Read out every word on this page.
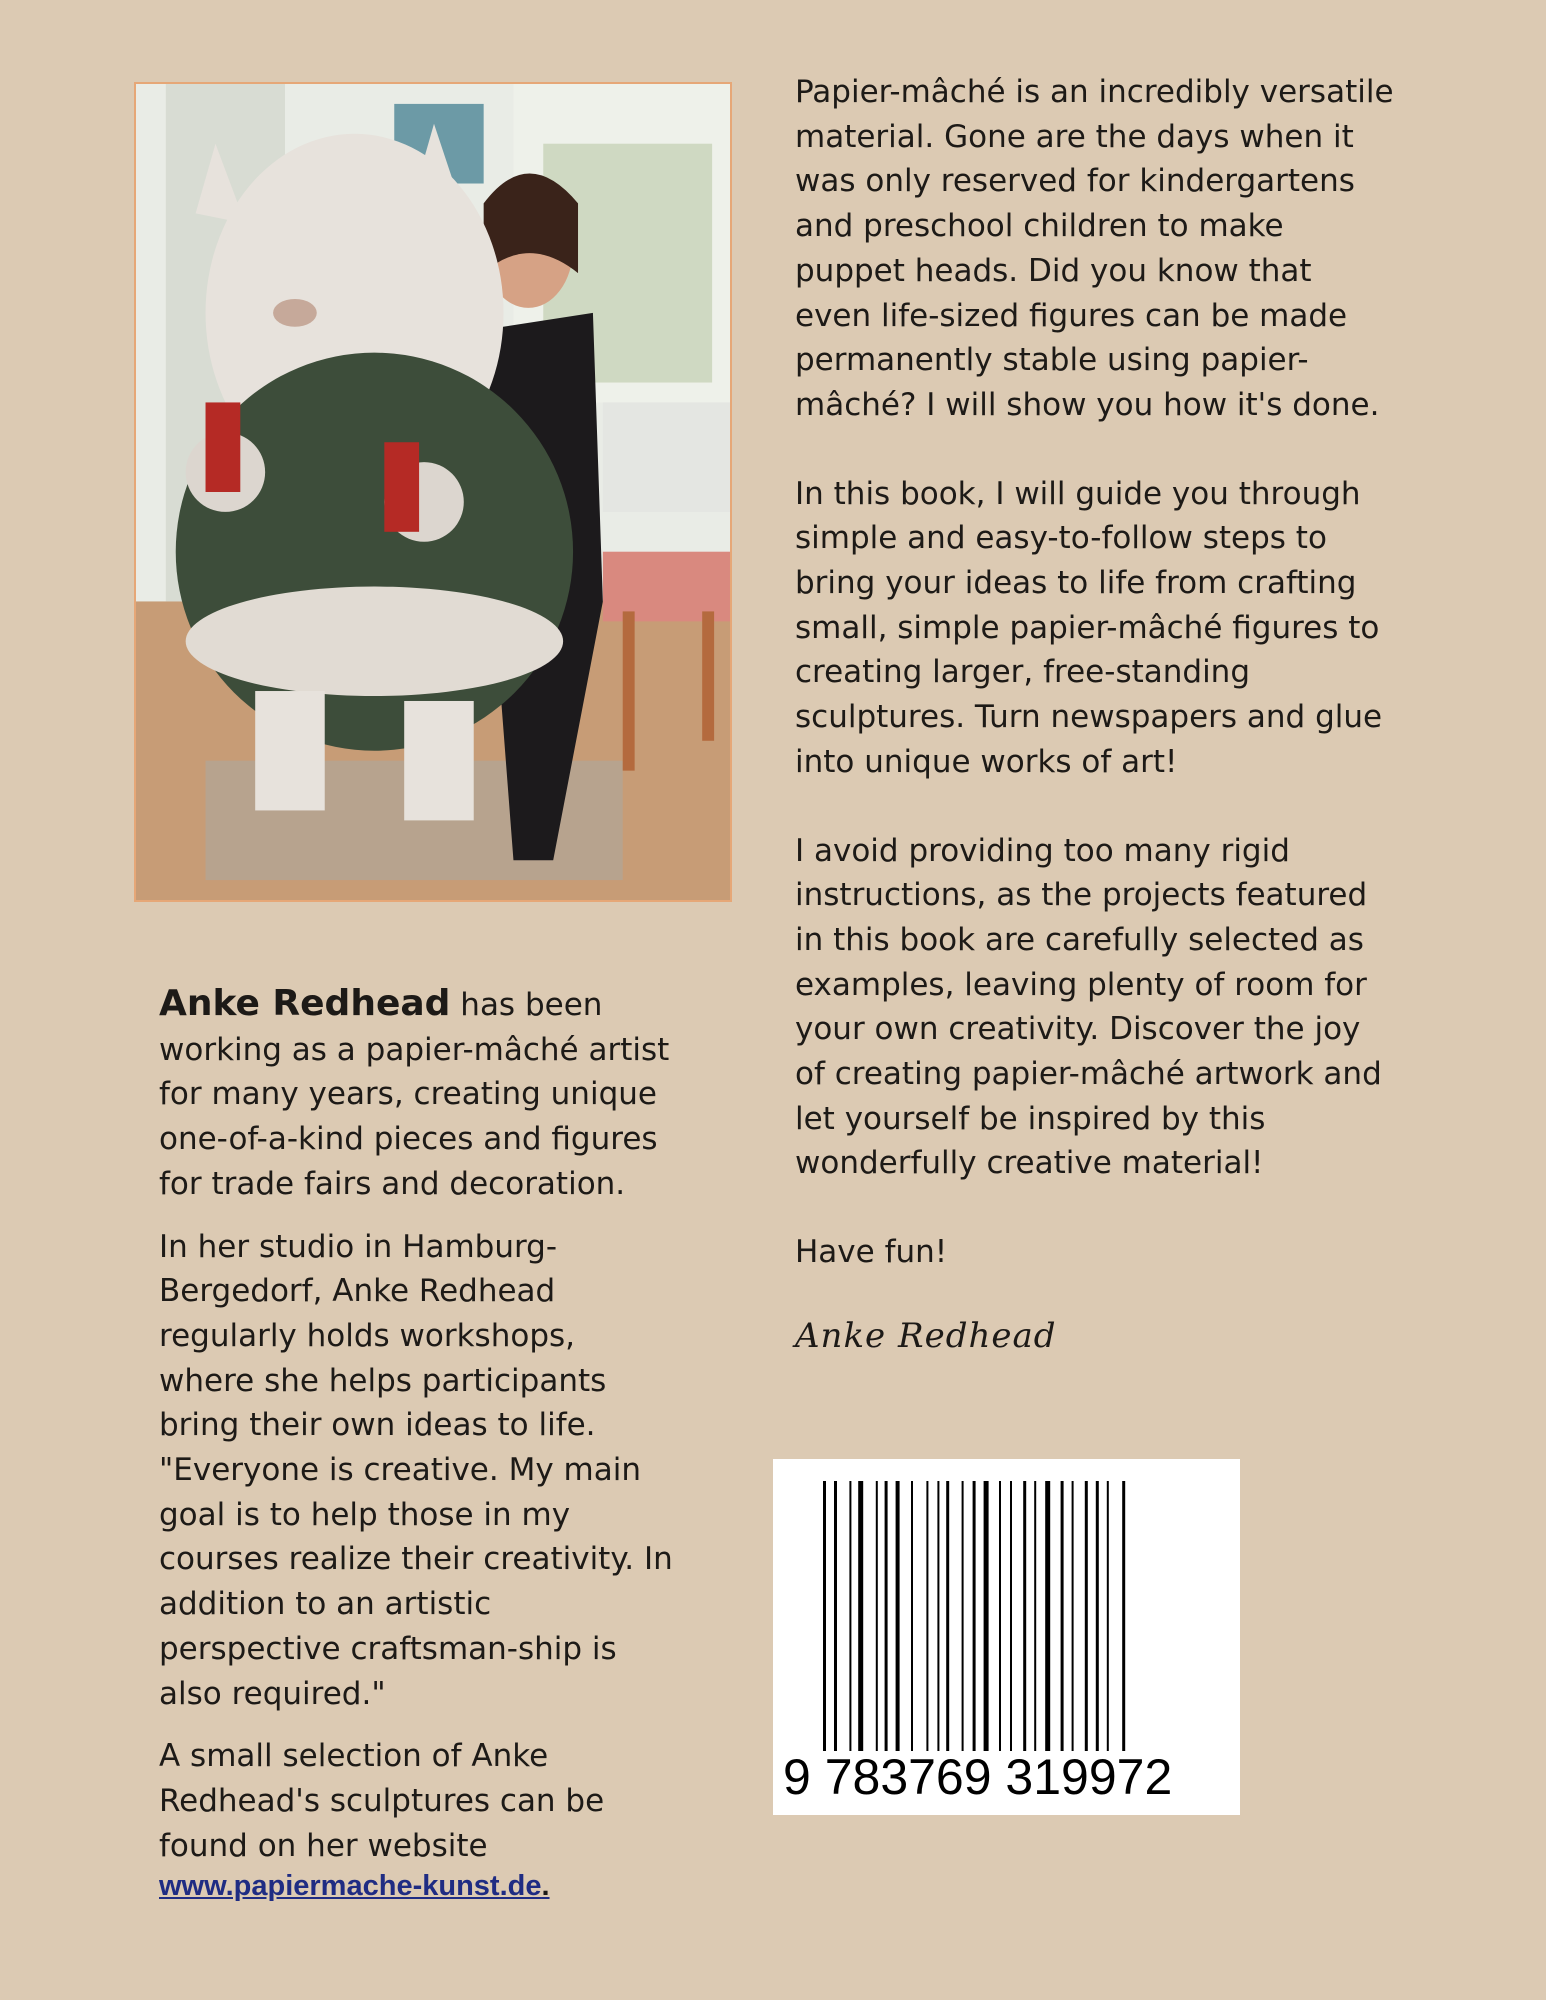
Anke Redhead has been working as a papier-mâché artist for many years, creating unique one-of-a-kind pieces and figures for trade fairs and decoration.

In her studio in Hamburg-Bergedorf, Anke Redhead regularly holds workshops, where she helps participants bring their own ideas to life. "Everyone is creative. My main goal is to help those in my courses realize their creativity. In addition to an artistic perspective craftsman-ship is also required."

A small selection of Anke Redhead's sculptures can be found on her website

www.papiermache-kunst.de.

Papier-mâché is an incredibly versatile material. Gone are the days when it was only reserved for kindergartens and preschool children to make puppet heads. Did you know that even life-sized figures can be made permanently stable using papier-mâché? I will show you how it's done.

In this book, I will guide you through simple and easy-to-follow steps to bring your ideas to life from crafting small, simple papier-mâché figures to creating larger, free-standing sculptures. Turn newspapers and glue into unique works of art!

I avoid providing too many rigid instructions, as the projects featured in this book are carefully selected as examples, leaving plenty of room for your own creativity. Discover the joy of creating papier-mâché artwork and let yourself be inspired by this wonderfully creative material!

Have fun!

Anke Redhead
9 783769 319972
